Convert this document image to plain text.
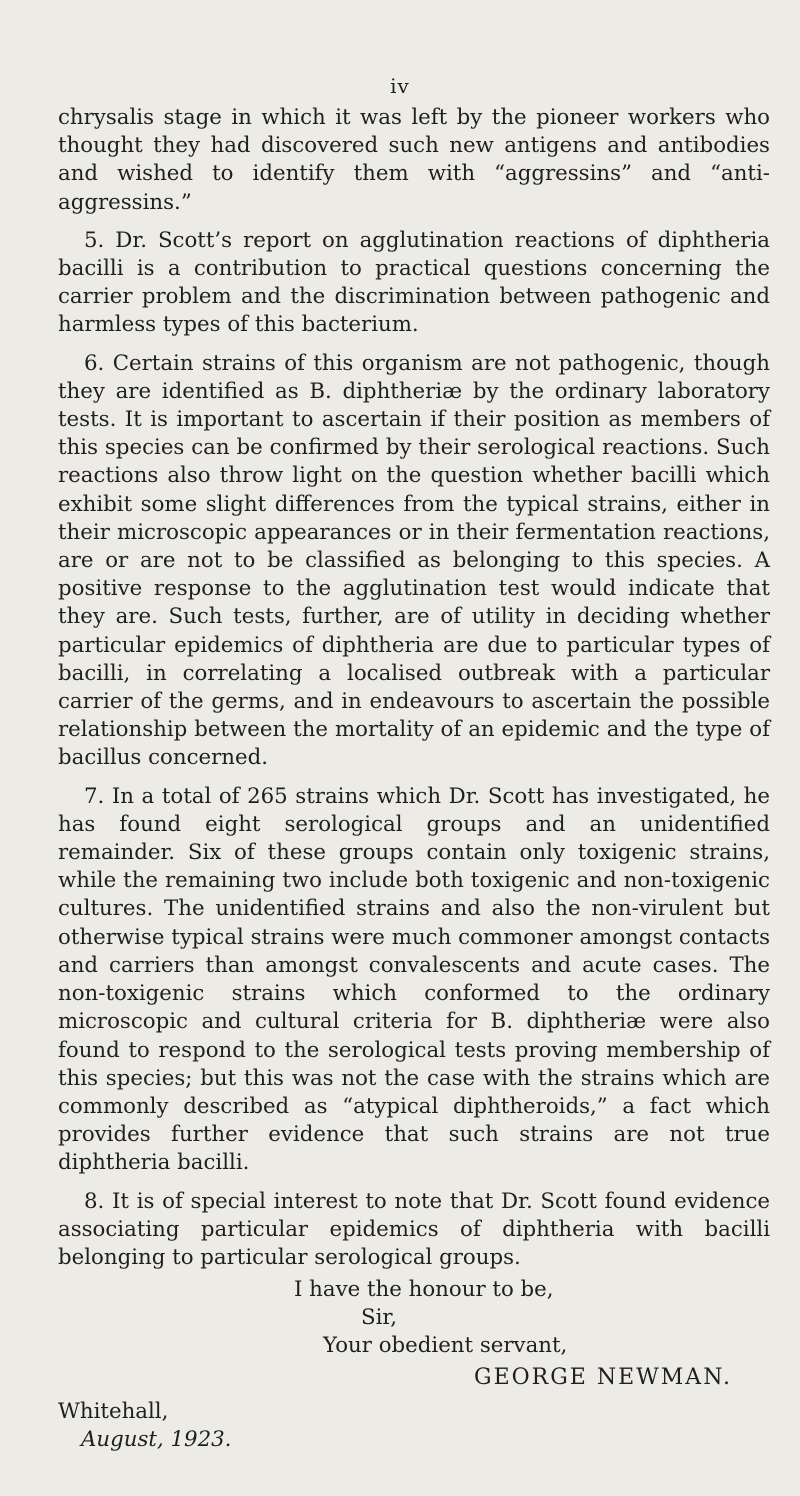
iv

chrysalis stage in which it was left by the pioneer workers who thought they had discovered such new antigens and antibodies and wished to identify them with “aggressins” and “anti-aggressins.”

5. Dr. Scott’s report on agglutination reactions of diphtheria bacilli is a contribution to practical questions concerning the carrier problem and the discrimination between pathogenic and harmless types of this bacterium.

6. Certain strains of this organism are not pathogenic, though they are identified as B. diphtheriæ by the ordinary laboratory tests. It is important to ascertain if their position as members of this species can be confirmed by their serological reactions. Such reactions also throw light on the question whether bacilli which exhibit some slight differences from the typical strains, either in their microscopic appearances or in their fermentation reactions, are or are not to be classified as belonging to this species. A positive response to the agglutination test would indicate that they are. Such tests, further, are of utility in deciding whether particular epidemics of diphtheria are due to particular types of bacilli, in correlating a localised outbreak with a particular carrier of the germs, and in endeavours to ascertain the possible relationship between the mortality of an epidemic and the type of bacillus concerned.

7. In a total of 265 strains which Dr. Scott has investigated, he has found eight serological groups and an unidentified remainder. Six of these groups contain only toxigenic strains, while the remaining two include both toxigenic and non-toxigenic cultures. The unidentified strains and also the non-virulent but otherwise typical strains were much commoner amongst contacts and carriers than amongst convalescents and acute cases. The non-toxigenic strains which conformed to the ordinary microscopic and cultural criteria for B. diphtheriæ were also found to respond to the serological tests proving membership of this species; but this was not the case with the strains which are commonly described as “atypical diphtheroids,” a fact which provides further evidence that such strains are not true diphtheria bacilli.

8. It is of special interest to note that Dr. Scott found evidence associating particular epidemics of diphtheria with bacilli belonging to particular serological groups.

I have the honour to be,
Sir,
Your obedient servant,
GEORGE NEWMAN.
Whitehall,
August, 1923.
